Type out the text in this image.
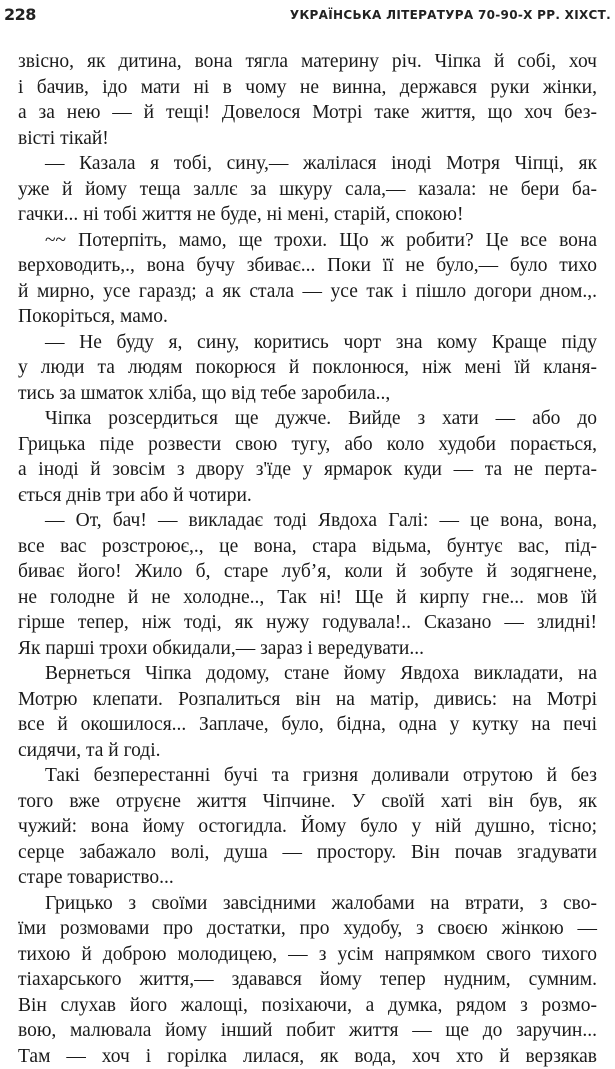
228	УКРАЇНСЬКА ЛІТЕРАТУРА 70-90-Х РР. ХІХСТ.
звісно, як дитина, вона тягла материну річ. Чіпка й собі, хоч
і бачив, ідо мати ні в чому не винна, держався руки жінки,
а за нею — й тещі! Довелося Мотрі таке життя, що хоч без-
вісті тікай!
— Казала я тобі, сину,— жалілася іноді Мотря Чіпці, як
уже й йому теща заллє за шкуру сала,— казала: не бери ба-
гачки... ні тобі життя не буде, ні мені, старій, спокою!
~~ Потерпіть, мамо, ще трохи. Що ж робити? Це все вона
верховодить,., вона бучу збиває... Поки її не було,— було тихо
й мирно, усе гаразд; а як стала — усе так і пішло догори дном.,.
Покоріться, мамо.
— Не буду я, сину, коритись чорт зна кому Краще піду
у люди та людям покорюся й поклонюся, ніж мені їй кланя-
тись за шматок хліба, що від тебе заробила..,
Чіпка розсердиться ще дужче. Вийде з хати — або до
Грицька піде розвести свою тугу, або коло худоби порається,
а іноді й зовсім з двору з'їде у ярмарок куди — та не перта-
ється днів три або й чотири.
— От, бач! — викладає тоді Явдоха Галі: — це вона, вона,
все вас розстроює,., це вона, стара відьма, бунтує вас, під-
биває його! Жило б, старе луб’я, коли й зобуте й зодягнене,
не голодне й не холодне.., Так ні! Ще й кирпу гне... мов їй
гірше тепер, ніж тоді, як нужу годувала!.. Сказано — злидні!
Як парші трохи обкидали,— зараз і вередувати...
Вернеться Чіпка додому, стане йому Явдоха викладати, на
Мотрю клепати. Розпалиться він на матір, дивись: на Мотрі
все й окошилося... Заплаче, було, бідна, одна у кутку на печі
сидячи, та й годі.
Такі безперестанні бучі та гризня доливали отрутою й без
того вже отруєне життя Чіпчине. У своїй хаті він був, як
чужий: вона йому остогидла. Йому було у ній душно, тісно;
серце забажало волі, душа — простору. Він почав згадувати
старе товариство...
Грицько з своїми завсідними жалобами на втрати, з сво-
їми розмовами про достатки, про худобу, з своєю жінкою —
тихою й доброю молодицею, — з усім напрямком свого тихого
тіахарського життя,— здавався йому тепер нудним, сумним.
Він слухав його жалощі, позіхаючи, а думка, рядом з розмо-
вою, малювала йому інший побит життя — ще до заручин...
Там — хоч і горілка лилася, як вода, хоч хто й верзякав
